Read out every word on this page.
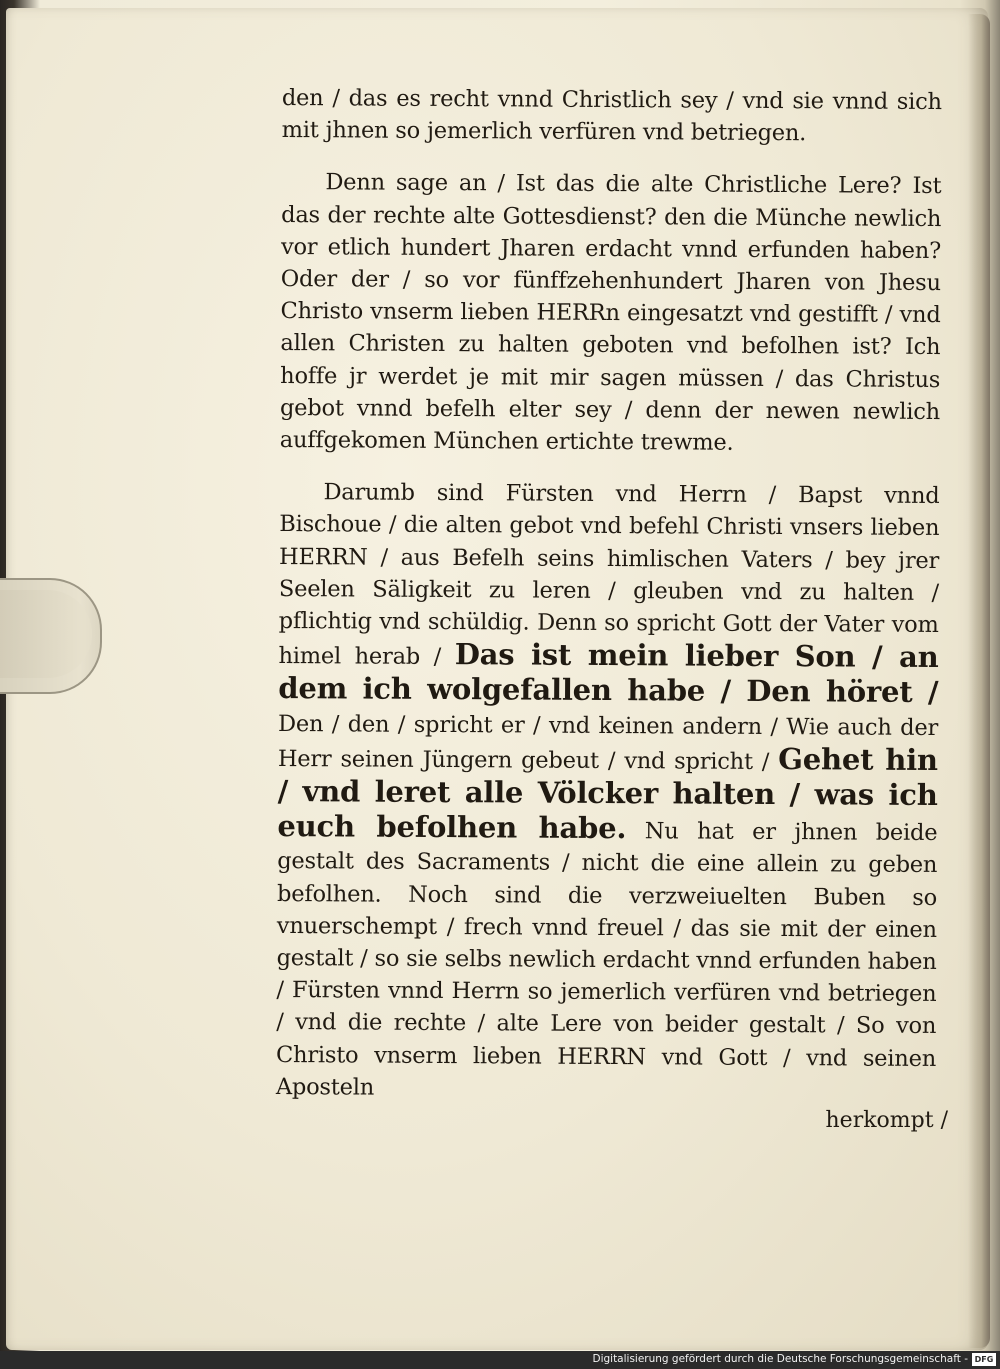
den / das es recht vnnd Christlich sey / vnd sie vnnd sich mit jhnen so jemerlich verfüren vnd betriegen.

Denn sage an / Ist das die alte Christliche Lere? Ist das der rechte alte Gottesdienst? den die Münche newlich vor etlich hundert Jharen erdacht vnnd erfunden haben? Oder der / so vor fünffzehenhundert Jharen von Jhesu Christo vnserm lieben HERRn eingesatzt vnd gestifft / vnd allen Christen zu halten geboten vnd befolhen ist? Ich hoffe jr werdet je mit mir sagen müssen / das Christus gebot vnnd befelh elter sey / denn der newen newlich auffgekomen München ertichte trewme.

Darumb sind Fürsten vnd Herrn / Bapst vnnd Bischoue / die alten gebot vnd befehl Christi vnsers lieben HERRN / aus Befelh seins himlischen Vaters / bey jrer Seelen Säligkeit zu leren / gleuben vnd zu halten / pflichtig vnd schüldig. Denn so spricht Gott der Vater vom himel herab / Das ist mein lieber Son / an dem ich wolgefallen habe / Den höret / Den / den / spricht er / vnd keinen andern / Wie auch der Herr seinen Jüngern gebeut / vnd spricht / Gehet hin / vnd leret alle Völcker halten / was ich euch befolhen habe. Nu hat er jhnen beide gestalt des Sacraments / nicht die eine allein zu geben befolhen. Noch sind die verzweiuelten Buben so vnuerschempt / frech vnnd freuel / das sie mit der einen gestalt / so sie selbs newlich erdacht vnnd erfunden haben / Fürsten vnnd Herrn so jemerlich verfüren vnd betriegen / vnd die rechte / alte Lere von beider gestalt / So von Christo vnserm lieben HERRN vnd Gott / vnd seinen Aposteln

herkompt /
Digitalisierung gefördert durch die Deutsche Forschungsgemeinschaft - DFG
